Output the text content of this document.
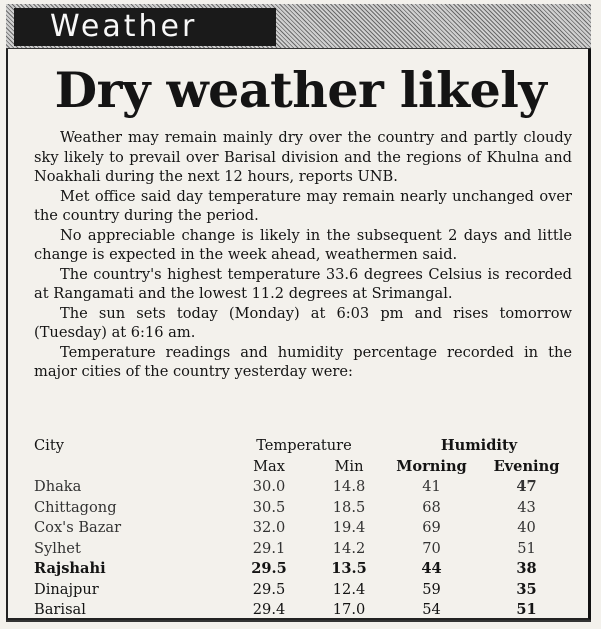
Weather
Dry weather likely

Weather may remain mainly dry over the country and partly cloudy sky likely to prevail over Barisal division and the regions of Khulna and Noakhali during the next 12 hours, reports UNB.

Met office said day temperature may remain nearly unchanged over the country during the period.

No appreciable change is likely in the subsequent 2 days and little change is expected in the week ahead, weathermen said.

The country's highest temperature 33.6 degrees Celsius is recorded at Rangamati and the lowest 11.2 degrees at Srimangal.

The sun sets today (Monday) at 6:03 pm and rises tomorrow (Tuesday) at 6:16 am.

Temperature readings and humidity percentage recorded in the major cities of the country yesterday were:

City	Temperature		Humidity	
	Max	Min	Morning	Evening
Dhaka	30.0	14.8	41	47
Chittagong	30.5	18.5	68	43
Cox's Bazar	32.0	19.4	69	40
Sylhet	29.1	14.2	70	51
Rajshahi	29.5	13.5	44	38
Dinajpur	29.5	12.4	59	35
Barisal	29.4	17.0	54	51
